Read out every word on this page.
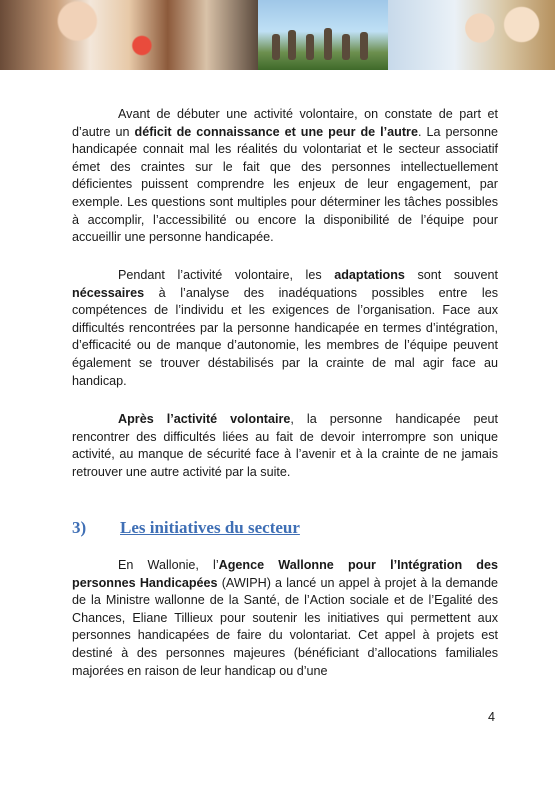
Avant de débuter une activité volontaire, on constate de part et d’autre un déficit de connaissance et une peur de l’autre. La personne handicapée connait mal les réalités du volontariat et le secteur associatif émet des craintes sur le fait que des personnes intellectuellement déficientes puissent comprendre les enjeux de leur engagement, par exemple. Les questions sont multiples pour déterminer les tâches possibles à accomplir, l’accessibilité ou encore la disponibilité de l’équipe pour accueillir une personne handicapée.

Pendant l’activité volontaire, les adaptations sont souvent nécessaires à l’analyse des inadéquations possibles entre les compétences de l’individu et les exigences de l’organisation. Face aux difficultés rencontrées par la personne handicapée en termes d’intégration, d’efficacité ou de manque d’autonomie, les membres de l’équipe peuvent également se trouver déstabilisés par la crainte de mal agir face au handicap.

Après l’activité volontaire, la personne handicapée peut rencontrer des difficultés liées au fait de devoir interrompre son unique activité, au manque de sécurité face à l’avenir et à la crainte de ne jamais retrouver une autre activité par la suite.

3)	Les initiatives du secteur

En Wallonie, l’Agence Wallonne pour l’Intégration des personnes Handicapées (AWIPH) a lancé un appel à projet à la demande de la Ministre wallonne de la Santé, de l’Action sociale et de l’Egalité des Chances, Eliane Tillieux pour soutenir les initiatives qui permettent aux personnes handicapées de faire du volontariat. Cet appel à projets est destiné à des personnes majeures (bénéficiant d’allocations familiales majorées en raison de leur handicap ou d’une

4
